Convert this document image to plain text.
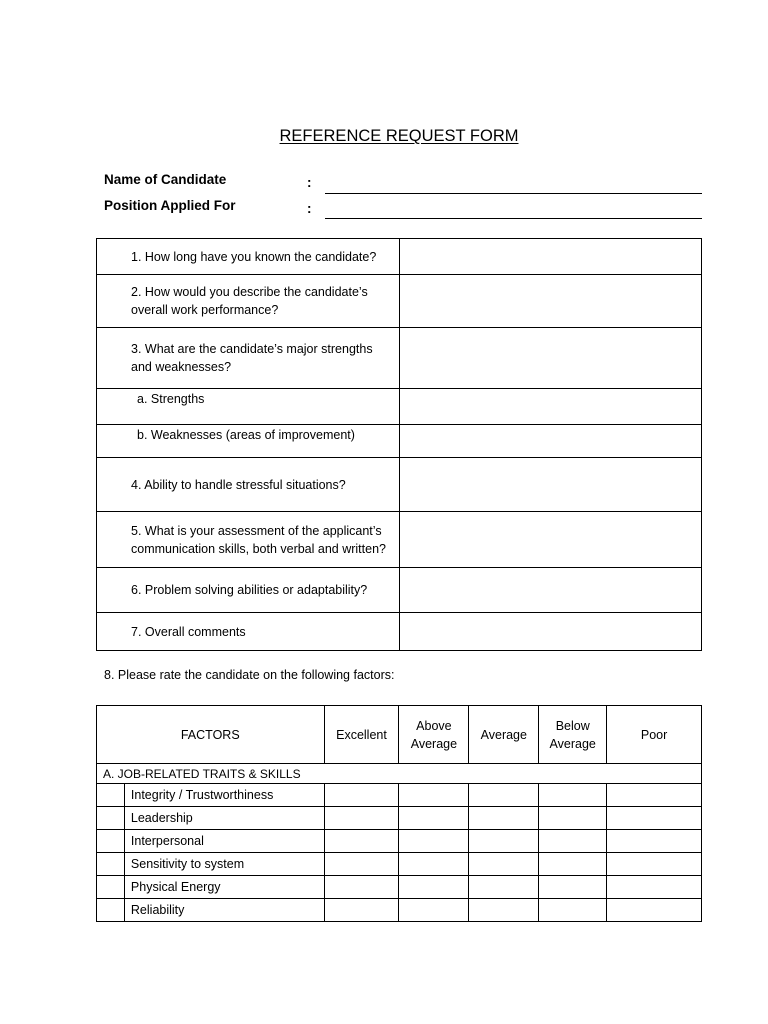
REFERENCE REQUEST FORM
Name of Candidate	:
Position Applied For	:
1. How long have you known the candidate?	
2. How would you describe the candidate’s overall work performance?	
3. What are the candidate’s major strengths and weaknesses?	
a. Strengths	
b. Weaknesses (areas of improvement)	
4. Ability to handle stressful situations?	
5. What is your assessment of the applicant’s communication skills, both verbal and written?	
6. Problem solving abilities or adaptability?	
7. Overall comments	
8. Please rate the candidate on the following factors:
FACTORS		Excellent	Above Average	Average	Below Average	Poor
A. JOB-RELATED TRAITS & SKILLS						
	Integrity / Trustworthiness					
	Leadership					
	Interpersonal					
	Sensitivity to system					
	Physical Energy					
	Reliability					
